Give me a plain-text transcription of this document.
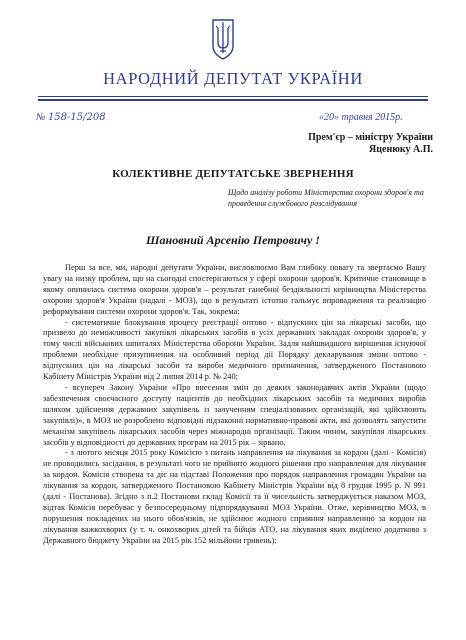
НАРОДНИЙ ДЕПУТАТ УКРАЇНИ
№ 158-15/208	«20» травня 2015р.
Прем'єр – міністру України
Яценюку А.П.
КОЛЕКТИВНЕ ДЕПУТАТСЬКЕ ЗВЕРНЕННЯ
Щодо аналізу роботи Міністерства охорони здоров'я та проведення службового розслідування
Шановний Арсенію Петровичу !

Перш за все, ми, народні депутати України, висловлюємо Вам глибоку повагу та звертаємо Вашу увагу на низку проблем, що на сьогодні спостерігаються у сфері охорони здоров'я. Критичне становище в якому опинилась система охорони здоров'я – результат ганебної бездіяльності керівництва Міністерства охорони здоров'я України (надалі - МОЗ), що в результаті істотно гальмує впровадження та реалізацію реформування системи охорони здоров'я. Так, зокрема:

- систематичне блокування процесу реєстрації оптово - відпускних цін на лікарські засоби, що призвело до неможливості закупівлі лікарських засобів в усіх державних закладах охорони здоров'я, у тому числі військових шпиталях Міністерства оборони України. Задля найшвидшого вирішення існуючої проблеми необхідне призупинення на особливий період дії Порядку декларування зміни оптово - відпускних цін на лікарські засоби та вироби медичного призначення, затвердженого Постановою Кабінету Міністрів України від 2 липня 2014 р. № 240;

- всупереч Закону України «Про внесення змін до деяких законодавчих актів України (щодо забезпечення своєчасного доступу пацієнтів до необхідних лікарських засобів та медичних виробів шляхом здійснення державних закупівель із залученням спеціалізованих організацій, які здійснюють закупівлі)», в МОЗ не розроблено відповідні підзаконні нормативно-правові акти, які дозволять запустити механізм закупівель лікарських засобів через міжнародні організації. Таким чином, закупівля лікарських засобів у відповідності до державних програм на 2015 рік – зірвано.

- з лютого місяця 2015 року Комісією з питань направлення на лікування за кордон (далі - Комісія) не проводились засідання, в результаті чого не прийнято жодного рішення про направлення для лікування за кордон. Комісія створена та діє на підставі Положення про порядок направлення громадян України на лікування за кордон, затвердженого Постановою Кабінету Міністрів України від 8 грудня 1995 р. N 991 (далі - Постанова). Згідно з п.2 Постанови склад Комісії та її чисельність затверджується наказом МОЗ, відтак Комісія перебуває у безпосередньому підпорядкуванні МОЗ України. Отже, керівництво МОЗ, в порушення покладених на нього обов'язків, не здійснює жодного сприяння направленню за кордон на лікування важкохворих (у т. ч. онкохворих дітей та бійців АТО, на лікування яких виділено додатково з Державного бюджету України на 2015 рік 152 мільйони гривень);
